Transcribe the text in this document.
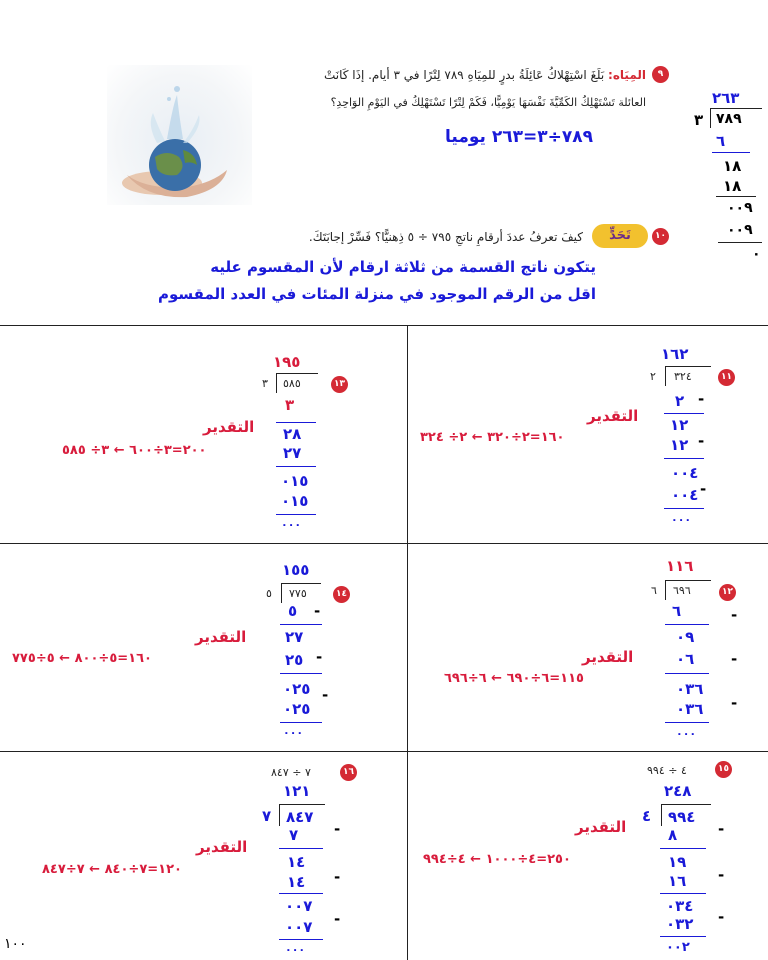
٩
المِيَاه: بَلَغَ اسْتِهْلاكُ عَائِلَةُ بدرٍ للمِيَاهِ ٧٨٩ لِتْرًا في ٣ أيام. إذَا كَانَتْ
العائلة تَسْتَهْلِكُ الكَمِّيَّةَ نَفْسَهَا يَوْمِيًّا، فَكَمْ لِتْرًا تَسْتَهْلِكُ في اليَوْمِ الوَاحِدِ؟
٧٨٩÷٣=٢٦٣ يوميا
٢٦٣
٣ ٧٨٩
٦
١٨
١٨
٠٠٩
٠٠٩
٠
١٠
تَحَدٍّ
كيفَ تعرفُ عددَ أرقامِ ناتجِ ٧٩٥ ÷ ٥ ذِهنيًّا؟ فَسِّرْ إجابَتَكَ.
يتكون ناتج القسمة من ثلاثة ارقام لأن المقسوم عليه
اقل من الرقم الموجود في منزلة المئات في العدد المقسوم
١٣
١٩٥
٣ ٥٨٥
٣
٢٨
٢٧
٠١٥
٠١٥
٠٠٠
التقدير
٢٠٠=٣÷٦٠٠ ← ٣÷ ٥٨٥
١١
١٦٢
٢ ٣٢٤
٢ -
١٢
١٢ -
٠٠٤
٠٠٤ -
٠٠٠
التقدير
١٦٠=٢÷٣٢٠ ← ٢÷ ٣٢٤
١٤
١٥٥
٥ ٧٧٥
٥ -
٢٧
٢٥ -
٠٢٥
٠٢٥
-
٠٠٠
التقدير
١٦٠=٥÷٨٠٠ ← ٥÷٧٧٥
١٢
١١٦
٦ ٦٩٦
٦	-
٠٩
٠٦ -
٠٣٦
٠٣٦ -
٠٠٠
التقدير
١١٥=٦÷٦٩٠ ← ٦÷٦٩٦
١٦
٧ ÷ ٨٤٧
١٢١
٧ ٨٤٧
٧ -
١٤
١٤ -
٠٠٧
٠٠٧ -
٠٠٠
التقدير
١٢٠=٧÷٨٤٠ ← ٧÷٨٤٧
١٠٠
١٥
٤ ÷ ٩٩٤
٢٤٨
٤ ٩٩٤
٨	-
١٩
١٦ -
٠٣٤
٠٣٢ -
٠٠٢
التقدير
٢٥٠=٤÷١٠٠٠ ← ٤÷٩٩٤
